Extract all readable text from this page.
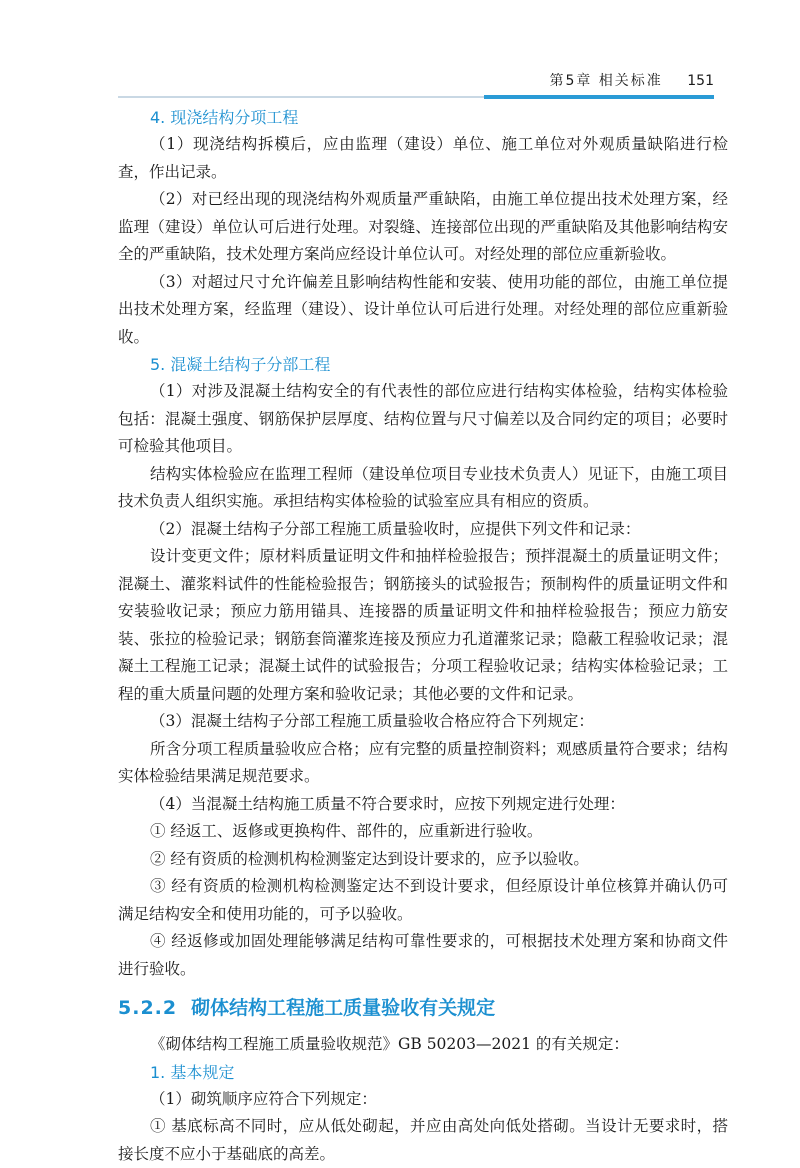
第5章 相关标准 151

4. 现浇结构分项工程

（1）现浇结构拆模后，应由监理（建设）单位、施工单位对外观质量缺陷进行检查，作出记录。

（2）对已经出现的现浇结构外观质量严重缺陷，由施工单位提出技术处理方案，经监理（建设）单位认可后进行处理。对裂缝、连接部位出现的严重缺陷及其他影响结构安全的严重缺陷，技术处理方案尚应经设计单位认可。对经处理的部位应重新验收。

（3）对超过尺寸允许偏差且影响结构性能和安装、使用功能的部位，由施工单位提出技术处理方案，经监理（建设）、设计单位认可后进行处理。对经处理的部位应重新验收。

5. 混凝土结构子分部工程

（1）对涉及混凝土结构安全的有代表性的部位应进行结构实体检验，结构实体检验包括：混凝土强度、钢筋保护层厚度、结构位置与尺寸偏差以及合同约定的项目；必要时可检验其他项目。

结构实体检验应在监理工程师（建设单位项目专业技术负责人）见证下，由施工项目技术负责人组织实施。承担结构实体检验的试验室应具有相应的资质。

（2）混凝土结构子分部工程施工质量验收时，应提供下列文件和记录：

设计变更文件；原材料质量证明文件和抽样检验报告；预拌混凝土的质量证明文件；混凝土、灌浆料试件的性能检验报告；钢筋接头的试验报告；预制构件的质量证明文件和安装验收记录；预应力筋用锚具、连接器的质量证明文件和抽样检验报告；预应力筋安装、张拉的检验记录；钢筋套筒灌浆连接及预应力孔道灌浆记录；隐蔽工程验收记录；混凝土工程施工记录；混凝土试件的试验报告；分项工程验收记录；结构实体检验记录；工程的重大质量问题的处理方案和验收记录；其他必要的文件和记录。

（3）混凝土结构子分部工程施工质量验收合格应符合下列规定：

所含分项工程质量验收应合格；应有完整的质量控制资料；观感质量符合要求；结构实体检验结果满足规范要求。

（4）当混凝土结构施工质量不符合要求时，应按下列规定进行处理：

① 经返工、返修或更换构件、部件的，应重新进行验收。

② 经有资质的检测机构检测鉴定达到设计要求的，应予以验收。

③ 经有资质的检测机构检测鉴定达不到设计要求，但经原设计单位核算并确认仍可满足结构安全和使用功能的，可予以验收。

④ 经返修或加固处理能够满足结构可靠性要求的，可根据技术处理方案和协商文件进行验收。

5.2.2 砌体结构工程施工质量验收有关规定

《砌体结构工程施工质量验收规范》GB 50203—2021 的有关规定：

1. 基本规定

（1）砌筑顺序应符合下列规定：

① 基底标高不同时，应从低处砌起，并应由高处向低处搭砌。当设计无要求时，搭接长度不应小于基础底的高差。
